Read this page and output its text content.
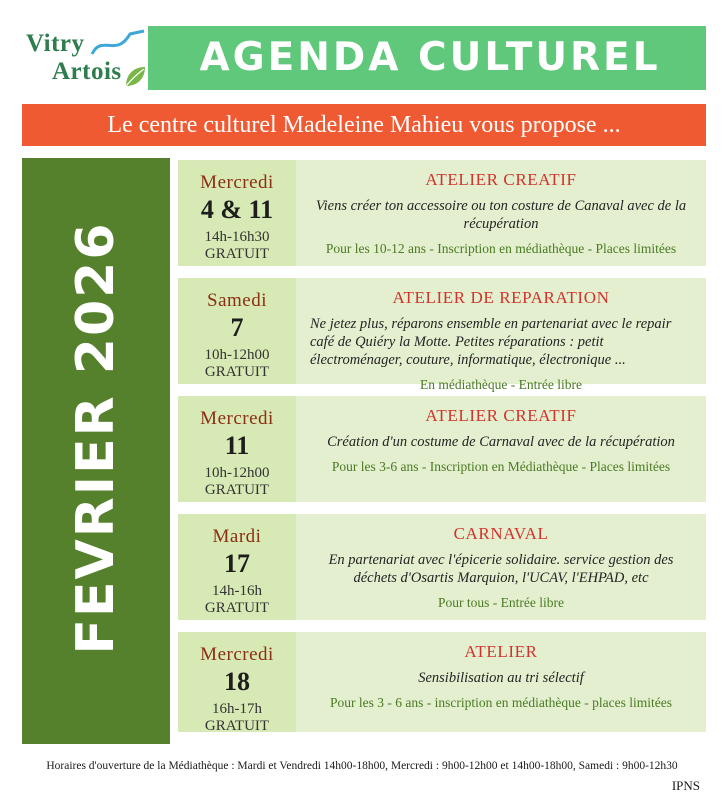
AGENDA CULTUREL
Vitry
Artois
Le centre culturel Madeleine Mahieu vous propose ...
FEVRIER 2026
Mercredi
4 & 11
14h-16h30
GRATUIT
ATELIER CREATIF
Viens créer ton accessoire ou ton costure de Canaval avec de la récupération
Pour les 10-12 ans - Inscription en médiathèque - Places limitées
Samedi
7
10h-12h00
GRATUIT
ATELIER DE REPARATION
Ne jetez plus, réparons ensemble en partenariat avec le repair café de Quiéry la Motte. Petites réparations : petit électroménager, couture, informatique, électronique ...
En médiathèque - Entrée libre
Mercredi
11
10h-12h00
GRATUIT
ATELIER CREATIF
Création d'un costume de Carnaval avec de la récupération
Pour les 3-6 ans - Inscription en Médiathèque - Places limitées
Mardi
17
14h-16h
GRATUIT
CARNAVAL
En partenariat avec l'épicerie solidaire. service gestion des déchets d'Osartis Marquion, l'UCAV, l'EHPAD, etc
Pour tous - Entrée libre
Mercredi
18
16h-17h
GRATUIT
ATELIER
Sensibilisation au tri sélectif
Pour les 3 - 6 ans - inscription en médiathèque - places limitées
Horaires d'ouverture de la Médiathèque : Mardi et Vendredi 14h00-18h00, Mercredi : 9h00-12h00 et 14h00-18h00, Samedi : 9h00-12h30
IPNS
